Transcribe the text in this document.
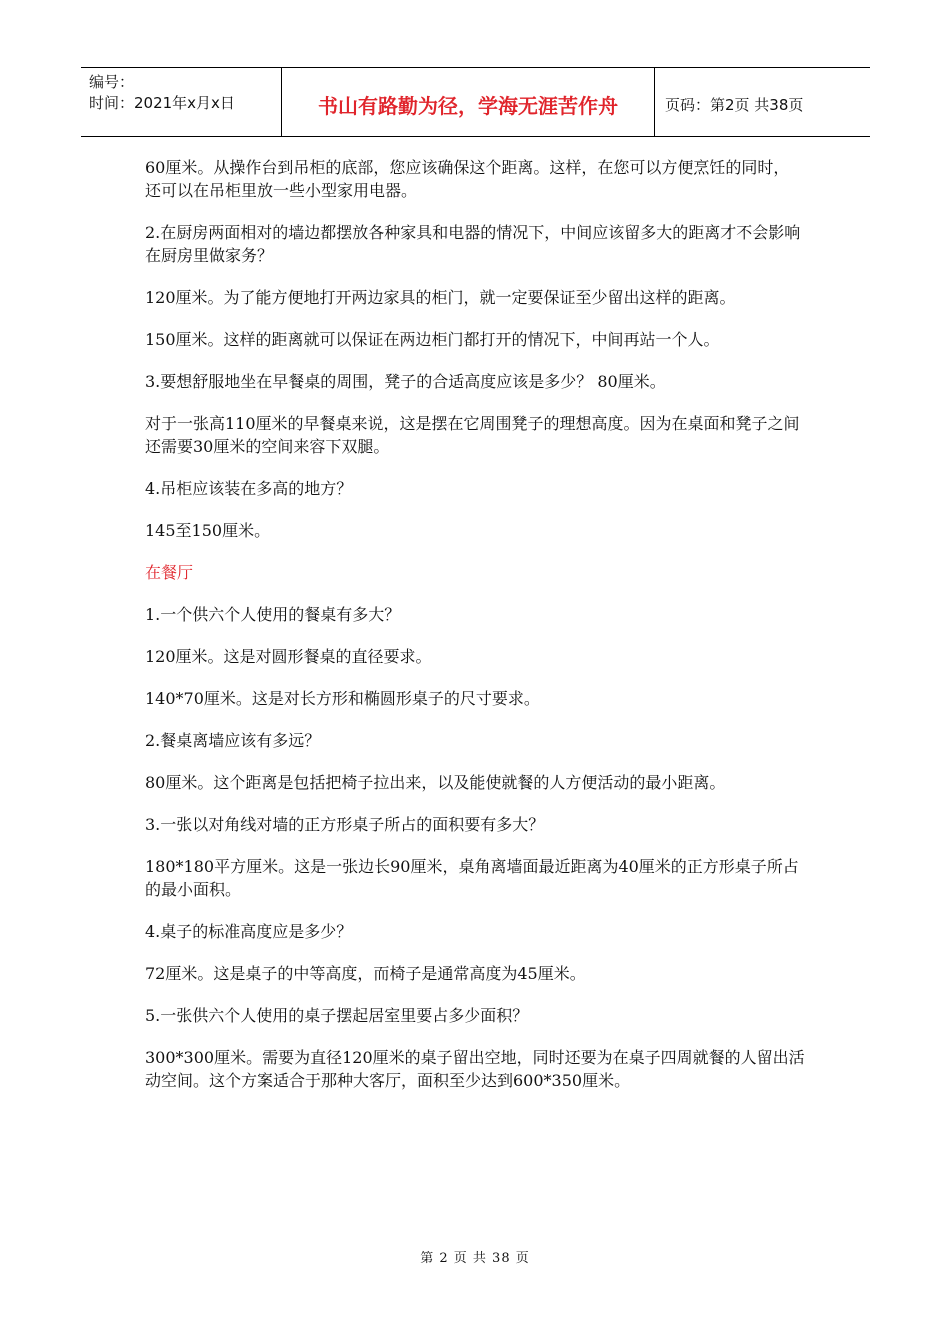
编号：
时间：2021年x月x日	书山有路勤为径，学海无涯苦作舟	页码：第2页 共38页

60厘米。从操作台到吊柜的底部，您应该确保这个距离。这样，在您可以方便烹饪的同时，还可以在吊柜里放一些小型家用电器。

2.在厨房两面相对的墙边都摆放各种家具和电器的情况下，中间应该留多大的距离才不会影响在厨房里做家务？

120厘米。为了能方便地打开两边家具的柜门，就一定要保证至少留出这样的距离。

150厘米。这样的距离就可以保证在两边柜门都打开的情况下，中间再站一个人。

3.要想舒服地坐在早餐桌的周围，凳子的合适高度应该是多少？ 80厘米。

对于一张高110厘米的早餐桌来说，这是摆在它周围凳子的理想高度。因为在桌面和凳子之间还需要30厘米的空间来容下双腿。

4.吊柜应该装在多高的地方？

145至150厘米。

在餐厅

1.一个供六个人使用的餐桌有多大？

120厘米。这是对圆形餐桌的直径要求。

140*70厘米。这是对长方形和椭圆形桌子的尺寸要求。

2.餐桌离墙应该有多远？

80厘米。这个距离是包括把椅子拉出来，以及能使就餐的人方便活动的最小距离。

3.一张以对角线对墙的正方形桌子所占的面积要有多大？

180*180平方厘米。这是一张边长90厘米，桌角离墙面最近距离为40厘米的正方形桌子所占的最小面积。

4.桌子的标准高度应是多少？

72厘米。这是桌子的中等高度，而椅子是通常高度为45厘米。

5.一张供六个人使用的桌子摆起居室里要占多少面积？

300*300厘米。需要为直径120厘米的桌子留出空地，同时还要为在桌子四周就餐的人留出活动空间。这个方案适合于那种大客厅，面积至少达到600*350厘米。

第 2 页 共 38 页
